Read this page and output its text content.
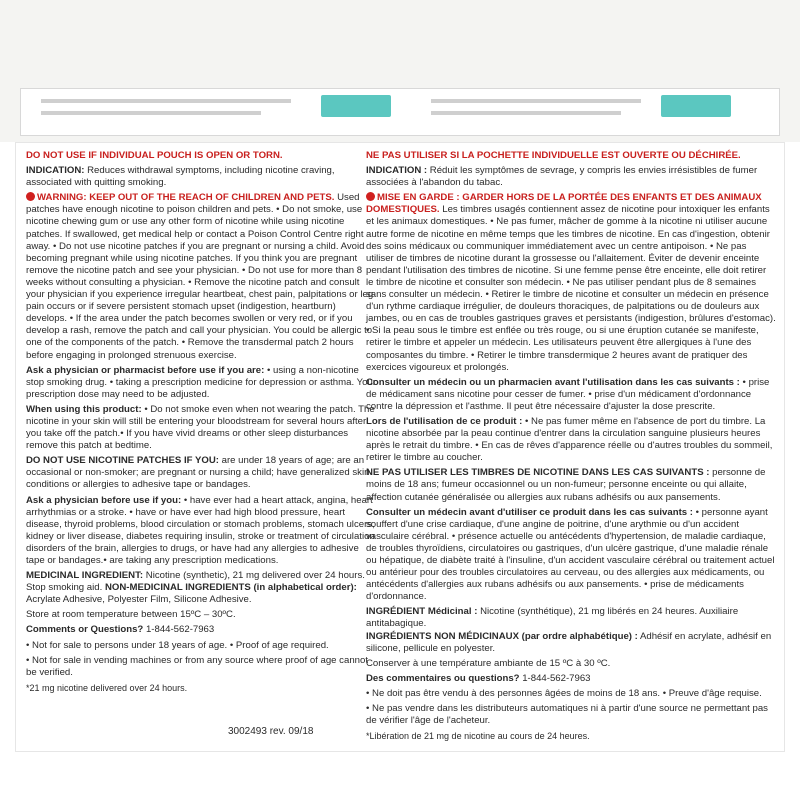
DO NOT USE IF INDIVIDUAL POUCH IS OPEN OR TORN.

INDICATION: Reduces withdrawal symptoms, including nicotine craving, associated with quitting smoking.

WARNING: KEEP OUT OF THE REACH OF CHILDREN AND PETS. Used patches have enough nicotine to poison children and pets. • Do not smoke, use nicotine chewing gum or use any other form of nicotine while using nicotine patches. If swallowed, get medical help or contact a Poison Control Centre right away. • Do not use nicotine patches if you are pregnant or nursing a child. Avoid becoming pregnant while using nicotine patches. If you think you are pregnant remove the nicotine patch and see your physician. • Do not use for more than 8 weeks without consulting a physician. • Remove the nicotine patch and consult your physician if you experience irregular heartbeat, chest pain, palpitations or leg pain occurs or if severe persistent stomach upset (indigestion, heartburn) develops. • If the area under the patch becomes swollen or very red, or if you develop a rash, remove the patch and call your physician. You could be allergic to one of the components of the patch. • Remove the transdermal patch 2 hours before engaging in prolonged strenuous exercise.

Ask a physician or pharmacist before use if you are: • using a non-nicotine stop smoking drug. • taking a prescription medicine for depression or asthma. Your prescription dose may need to be adjusted.

When using this product: • Do not smoke even when not wearing the patch. The nicotine in your skin will still be entering your bloodstream for several hours after you take off the patch.• If you have vivid dreams or other sleep disturbances remove this patch at bedtime.

DO NOT USE NICOTINE PATCHES IF YOU: are under 18 years of age; are an occasional or non-smoker; are pregnant or nursing a child; have generalized skin conditions or allergies to adhesive tape or bandages.

Ask a physician before use if you: • have ever had a heart attack, angina, heart arrhythmias or a stroke. • have or have ever had high blood pressure, heart disease, thyroid problems, blood circulation or stomach problems, stomach ulcers, kidney or liver disease, diabetes requiring insulin, stroke or treatment of circulation disorders of the brain, allergies to drugs, or have had any allergies to adhesive tape or bandages.• are taking any prescription medications.

MEDICINAL INGREDIENT: Nicotine (synthetic), 21 mg delivered over 24 hours. Stop smoking aid. NON-MEDICINAL INGREDIENTS (in alphabetical order): Acrylate Adhesive, Polyester Film, Silicone Adhesive.

Store at room temperature between 15ºC – 30ºC.

Comments or Questions? 1-844-562-7963

• Not for sale to persons under 18 years of age. • Proof of age required.

• Not for sale in vending machines or from any source where proof of age cannot be verified.

*21 mg nicotine delivered over 24 hours.

NE PAS UTILISER SI LA POCHETTE INDIVIDUELLE EST OUVERTE OU DÉCHIRÉE.

INDICATION : Réduit les symptômes de sevrage, y compris les envies irrésistibles de fumer associées à l'abandon du tabac.

MISE EN GARDE : GARDER HORS DE LA PORTÉE DES ENFANTS ET DES ANIMAUX DOMESTIQUES. Les timbres usagés contiennent assez de nicotine pour intoxiquer les enfants et les animaux domestiques. • Ne pas fumer, mâcher de gomme à la nicotine ni utiliser aucune autre forme de nicotine en même temps que les timbres de nicotine. En cas d'ingestion, obtenir des soins médicaux ou communiquer immédiatement avec un centre antipoison. • Ne pas utiliser de timbres de nicotine durant la grossesse ou l'allaitement. Éviter de devenir enceinte pendant l'utilisation des timbres de nicotine. Si une femme pense être enceinte, elle doit retirer le timbre de nicotine et consulter son médecin. • Ne pas utiliser pendant plus de 8 semaines sans consulter un médecin. • Retirer le timbre de nicotine et consulter un médecin en présence d'un rythme cardiaque irrégulier, de douleurs thoraciques, de palpitations ou de douleurs aux jambes, ou en cas de troubles gastriques graves et persistants (indigestion, brûlures d'estomac). • Si la peau sous le timbre est enflée ou très rouge, ou si une éruption cutanée se manifeste, retirer le timbre et appeler un médecin. Les utilisateurs peuvent être allergiques à l'une des composantes du timbre. • Retirer le timbre transdermique 2 heures avant de pratiquer des exercices vigoureux et prolongés.

Consulter un médecin ou un pharmacien avant l'utilisation dans les cas suivants : • prise de médicament sans nicotine pour cesser de fumer. • prise d'un médicament d'ordonnance contre la dépression et l'asthme. Il peut être nécessaire d'ajuster la dose prescrite.

Lors de l'utilisation de ce produit : • Ne pas fumer même en l'absence de port du timbre. La nicotine absorbée par la peau continue d'entrer dans la circulation sanguine plusieurs heures après le retrait du timbre. • En cas de rêves d'apparence réelle ou d'autres troubles du sommeil, retirer le timbre au coucher.

NE PAS UTILISER LES TIMBRES DE NICOTINE DANS LES CAS SUIVANTS : personne de moins de 18 ans; fumeur occasionnel ou un non-fumeur; personne enceinte ou qui allaite, affection cutanée généralisée ou allergies aux rubans adhésifs ou aux pansements.

Consulter un médecin avant d'utiliser ce produit dans les cas suivants : • personne ayant souffert d'une crise cardiaque, d'une angine de poitrine, d'une arythmie ou d'un accident vasculaire cérébral. • présence actuelle ou antécédents d'hypertension, de maladie cardiaque, de troubles thyroïdiens, circulatoires ou gastriques, d'un ulcère gastrique, d'une maladie rénale ou hépatique, de diabète traité à l'insuline, d'un accident vasculaire cérébral ou traitement actuel ou antérieur pour des troubles circulatoires au cerveau, ou des allergies aux médicaments, ou antécédents d'allergies aux rubans adhésifs ou aux pansements. • prise de médicaments d'ordonnance.

INGRÉDIENT Médicinal : Nicotine (synthétique), 21 mg libérés en 24 heures. Auxiliaire antitabagique.
INGRÉDIENTS NON MÉDICINAUX (par ordre alphabétique) : Adhésif en acrylate, adhésif en silicone, pellicule en polyester.

Conserver à une température ambiante de 15 ºC à 30 ºC.

Des commentaires ou questions? 1-844-562-7963

• Ne doit pas être vendu à des personnes âgées de moins de 18 ans. • Preuve d'âge requise.

• Ne pas vendre dans les distributeurs automatiques ni à partir d'une source ne permettant pas de vérifier l'âge de l'acheteur.

*Libération de 21 mg de nicotine au cours de 24 heures.

3002493 rev. 09/18
